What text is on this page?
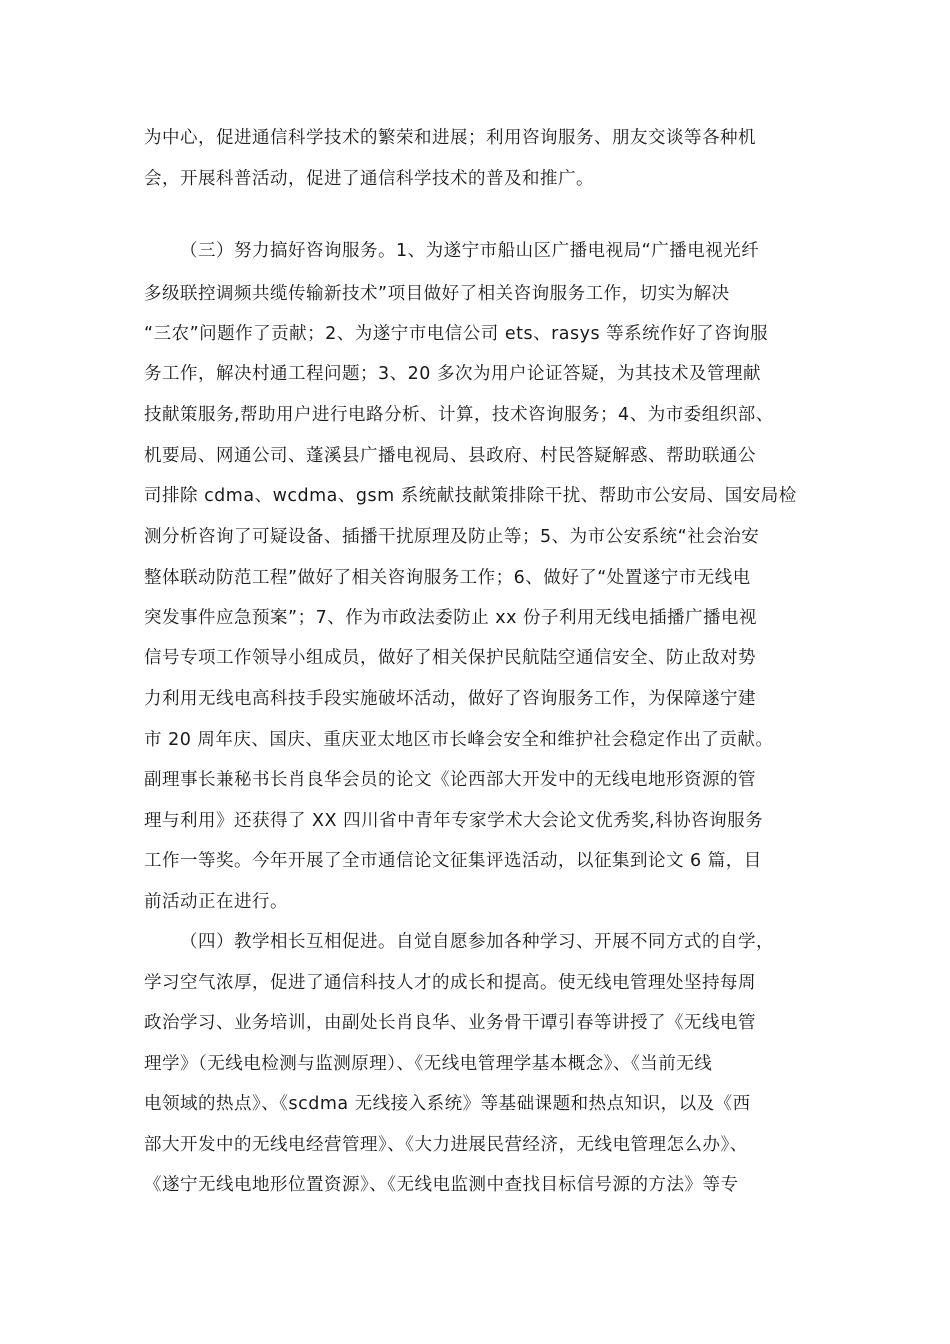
为中心，促进通信科学技术的繁荣和进展；利用咨询服务、朋友交谈等各种机
会，开展科普活动，促进了通信科学技术的普及和推广。
（三）努力搞好咨询服务。1、为遂宁市船山区广播电视局“广播电视光纤
多级联控调频共缆传输新技术”项目做好了相关咨询服务工作，切实为解决
“三农”问题作了贡献；2、为遂宁市电信公司 ets、rasys 等系统作好了咨询服
务工作，解决村通工程问题；3、20 多次为用户论证答疑，为其技术及管理献
技献策服务,帮助用户进行电路分析、计算，技术咨询服务；4、为市委组织部、
机要局、网通公司、蓬溪县广播电视局、县政府、村民答疑解惑、帮助联通公
司排除 cdma、wcdma、gsm 系统献技献策排除干扰、帮助市公安局、国安局检
测分析咨询了可疑设备、插播干扰原理及防止等；5、为市公安系统“社会治安
整体联动防范工程”做好了相关咨询服务工作；6、做好了“处置遂宁市无线电
突发事件应急预案”；7、作为市政法委防止 xx 份子利用无线电插播广播电视
信号专项工作领导小组成员，做好了相关保护民航陆空通信安全、防止敌对势
力利用无线电高科技手段实施破坏活动，做好了咨询服务工作，为保障遂宁建
市 20 周年庆、国庆、重庆亚太地区市长峰会安全和维护社会稳定作出了贡献。
副理事长兼秘书长肖良华会员的论文《论西部大开发中的无线电地形资源的管
理与利用》还获得了 XX 四川省中青年专家学术大会论文优秀奖,科协咨询服务
工作一等奖。今年开展了全市通信论文征集评选活动，以征集到论文 6 篇，目
前活动正在进行。
（四）教学相长互相促进。自觉自愿参加各种学习、开展不同方式的自学，
学习空气浓厚，促进了通信科技人才的成长和提高。使无线电管理处坚持每周
政治学习、业务培训，由副处长肖良华、业务骨干谭引春等讲授了《无线电管
理学》（无线电检测与监测原理）、《无线电管理学基本概念》、《当前无线
电领域的热点》、《scdma 无线接入系统》等基础课题和热点知识，以及《西
部大开发中的无线电经营管理》、《大力进展民营经济，无线电管理怎么办》、
《遂宁无线电地形位置资源》、《无线电监测中查找目标信号源的方法》等专
